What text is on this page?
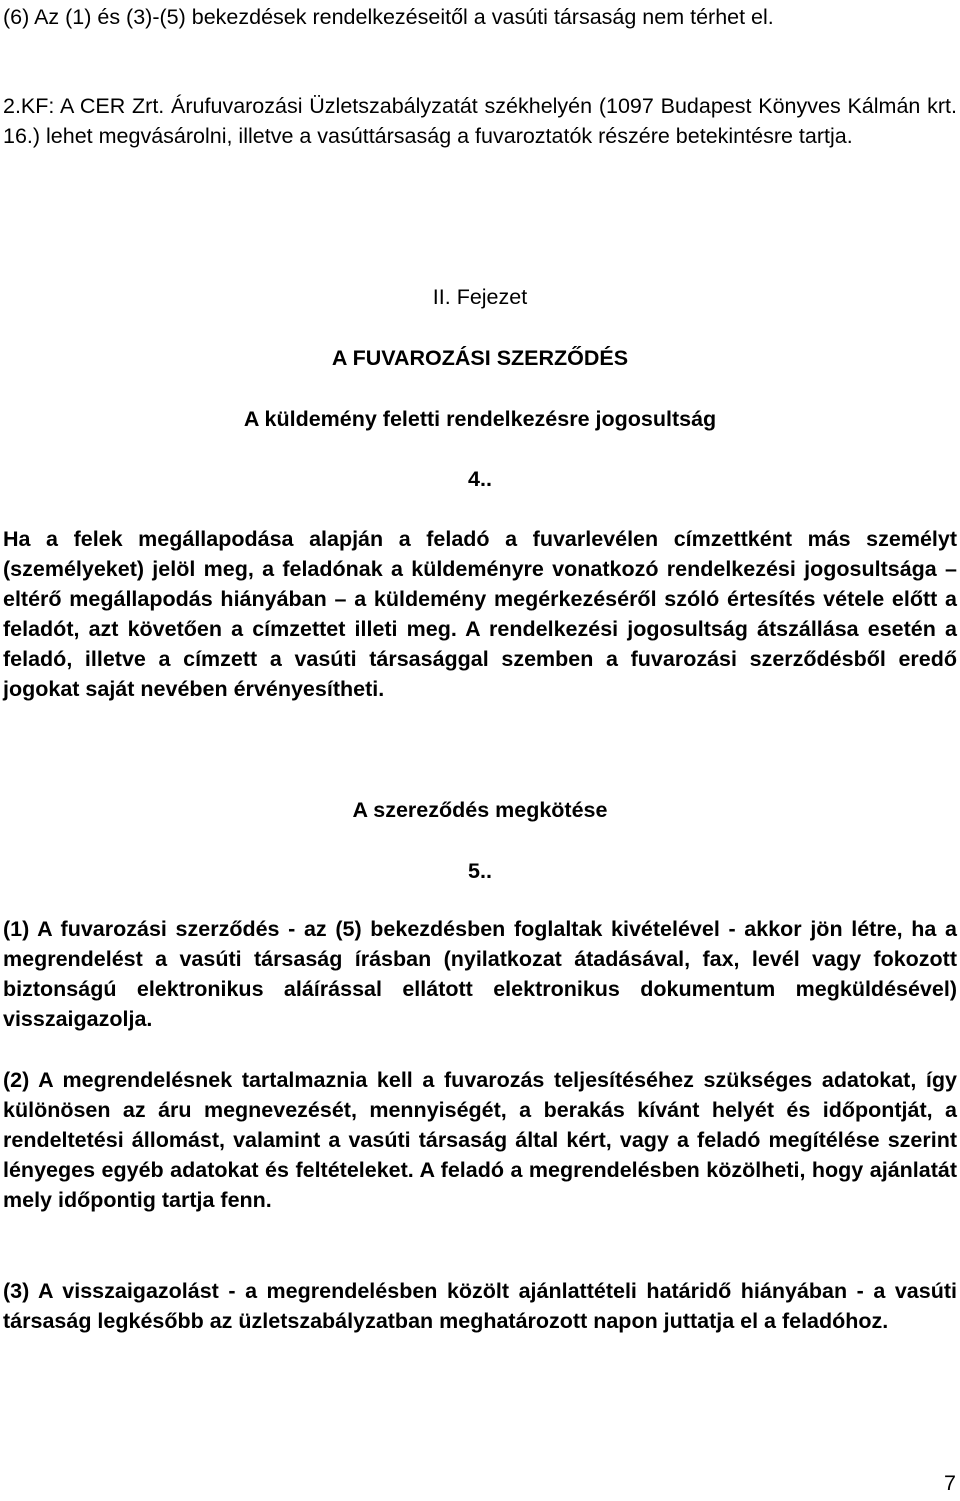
(6) Az (1) és (3)-(5) bekezdések rendelkezéseitől a vasúti társaság nem térhet el.

2.KF: A CER Zrt. Árufuvarozási Üzletszabályzatát székhelyén (1097 Budapest Könyves Kálmán krt. 16.) lehet megvásárolni, illetve a vasúttársaság a fuvaroztatók részére betekintésre tartja.

II. Fejezet

A FUVAROZÁSI SZERZŐDÉS

A küldemény feletti rendelkezésre jogosultság

4..

Ha a felek megállapodása alapján a feladó a fuvarlevélen címzettként más személyt (személyeket) jelöl meg, a feladónak a küldeményre vonatkozó rendelkezési jogosultsága – eltérő megállapodás hiányában – a küldemény megérkezéséről szóló értesítés vétele előtt a feladót, azt követően a címzettet illeti meg. A rendelkezési jogosultság átszállása esetén a feladó, illetve a címzett a vasúti társasággal szemben a fuvarozási szerződésből eredő jogokat saját nevében érvényesítheti.

A szereződés megkötése

5..

(1) A fuvarozási szerződés - az (5) bekezdésben foglaltak kivételével - akkor jön létre, ha a megrendelést a vasúti társaság írásban (nyilatkozat átadásával, fax, levél vagy fokozott biztonságú elektronikus aláírással ellátott elektronikus dokumentum megküldésével) visszaigazolja.

(2) A megrendelésnek tartalmaznia kell a fuvarozás teljesítéséhez szükséges adatokat, így különösen az áru megnevezését, mennyiségét, a berakás kívánt helyét és időpontját, a rendeltetési állomást, valamint a vasúti társaság által kért, vagy a feladó megítélése szerint lényeges egyéb adatokat és feltételeket. A feladó a megrendelésben közölheti, hogy ajánlatát mely időpontig tartja fenn.

(3) A visszaigazolást - a megrendelésben közölt ajánlattételi határidő hiányában - a vasúti társaság legkésőbb az üzletszabályzatban meghatározott napon juttatja el a feladóhoz.

7
